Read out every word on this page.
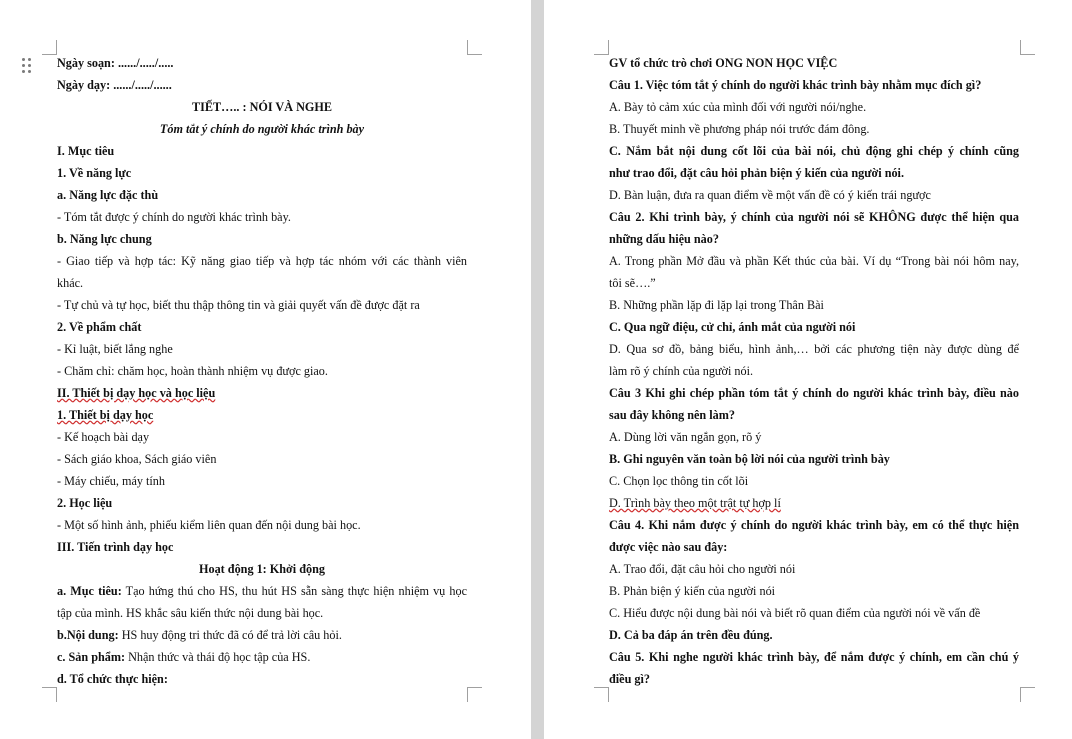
Ngày soạn: ....../...../.....
Ngày dạy: ....../...../......
TIẾT….. : NÓI VÀ NGHE
Tóm tắt ý chính do người khác trình bày
I. Mục tiêu
1. Về năng lực
a. Năng lực đặc thù
- Tóm tắt được ý chính do người khác trình bày.
b. Năng lực chung
- Giao tiếp và hợp tác: Kỹ năng giao tiếp và hợp tác nhóm với các thành viên
khác.
- Tự chủ và tự học, biết thu thập thông tin và giải quyết vấn đề được đặt ra
2. Về phẩm chất
- Kỉ luật, biết lắng nghe
- Chăm chỉ: chăm học, hoàn thành nhiệm vụ được giao.
II. Thiết bị dạy học và học liệu
1. Thiết bị dạy học
- Kế hoạch bài dạy
- Sách giáo khoa, Sách giáo viên
- Máy chiếu, máy tính
2. Học liệu
- Một số hình ảnh, phiếu kiểm liên quan đến nội dung bài học.
III. Tiến trình dạy học
Hoạt động 1: Khởi động
a. Mục tiêu: Tạo hứng thú cho HS, thu hút HS sẵn sàng thực hiện nhiệm vụ học
tập của mình. HS khắc sâu kiến thức nội dung bài học.
b.Nội dung: HS huy động tri thức đã có để trả lời câu hỏi.
c. Sản phẩm: Nhận thức và thái độ học tập của HS.
d. Tổ chức thực hiện:
GV tổ chức trò chơi ONG NON HỌC VIỆC
Câu 1. Việc tóm tắt ý chính do người khác trình bày nhằm mục đích gì?
A. Bày tỏ cảm xúc của mình đối với người nói/nghe.
B. Thuyết minh về phương pháp nói trước đám đông.
C. Nắm bắt nội dung cốt lõi của bài nói, chủ động ghi chép ý chính cũng
như trao đổi, đặt câu hỏi phản biện ý kiến của người nói.
D. Bàn luận, đưa ra quan điểm về một vấn đề có ý kiến trái ngược
Câu 2. Khi trình bày, ý chính của người nói sẽ KHÔNG được thể hiện qua
những dấu hiệu nào?
A. Trong phần Mở đầu và phần Kết thúc của bài. Ví dụ “Trong bài nói hôm nay,
tôi sẽ….”
B. Những phần lặp đi lặp lại trong Thân Bài
C. Qua ngữ điệu, cử chỉ, ánh mắt của người nói
D. Qua sơ đồ, bảng biểu, hình ảnh,… bởi các phương tiện này được dùng để
làm rõ ý chính của người nói.
Câu 3 Khi ghi chép phần tóm tắt ý chính do người khác trình bày, điều nào
sau đây không nên làm?
A. Dùng lời văn ngắn gọn, rõ ý
B. Ghi nguyên văn toàn bộ lời nói của người trình bày
C. Chọn lọc thông tin cốt lõi
D. Trình bày theo một trật tự hợp lí
Câu 4. Khi nắm được ý chính do người khác trình bày, em có thể thực hiện
được việc nào sau đây:
A. Trao đổi, đặt câu hỏi cho người nói
B. Phản biện ý kiến của người nói
C. Hiểu được nội dung bài nói và biết rõ quan điểm của người nói về vấn đề
D. Cả ba đáp án trên đều đúng.
Câu 5. Khi nghe người khác trình bày, để nắm được ý chính, em cần chú ý
điều gì?
